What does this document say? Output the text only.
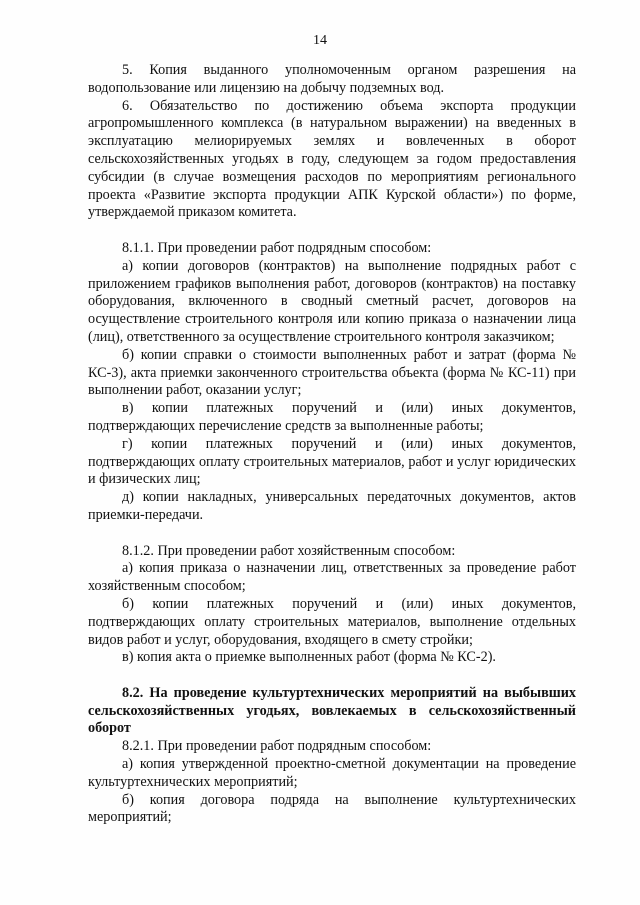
14

5. Копия выданного уполномоченным органом разрешения на водопользование или лицензию на добычу подземных вод.

6. Обязательство по достижению объема экспорта продукции агропромышленного комплекса (в натуральном выражении) на введенных в эксплуатацию мелиорируемых землях и вовлеченных в оборот сельскохозяйственных угодьях в году, следующем за годом предоставления субсидии (в случае возмещения расходов по мероприятиям регионального проекта «Развитие экспорта продукции АПК Курской области») по форме, утверждаемой приказом комитета.

8.1.1. При проведении работ подрядным способом:

а) копии договоров (контрактов) на выполнение подрядных работ с приложением графиков выполнения работ, договоров (контрактов) на поставку оборудования, включенного в сводный сметный расчет, договоров на осуществление строительного контроля или копию приказа о назначении лица (лиц), ответственного за осуществление строительного контроля заказчиком;

б) копии справки о стоимости выполненных работ и затрат (форма № КС-3), акта приемки законченного строительства объекта (форма № КС-11) при выполнении работ, оказании услуг;

в) копии платежных поручений и (или) иных документов, подтверждающих перечисление средств за выполненные работы;

г) копии платежных поручений и (или) иных документов, подтверждающих оплату строительных материалов, работ и услуг юридических и физических лиц;

д) копии накладных, универсальных передаточных документов, актов приемки-передачи.

8.1.2. При проведении работ хозяйственным способом:

а) копия приказа о назначении лиц, ответственных за проведение работ хозяйственным способом;

б) копии платежных поручений и (или) иных документов, подтверждающих оплату строительных материалов, выполнение отдельных видов работ и услуг, оборудования, входящего в смету стройки;

в) копия акта о приемке выполненных работ (форма № КС-2).

8.2. На проведение культуртехнических мероприятий на выбывших сельскохозяйственных угодьях, вовлекаемых в сельскохозяйственный оборот

8.2.1. При проведении работ подрядным способом:

а) копия утвержденной проектно-сметной документации на проведение культуртехнических мероприятий;

б) копия договора подряда на выполнение культуртехнических мероприятий;
